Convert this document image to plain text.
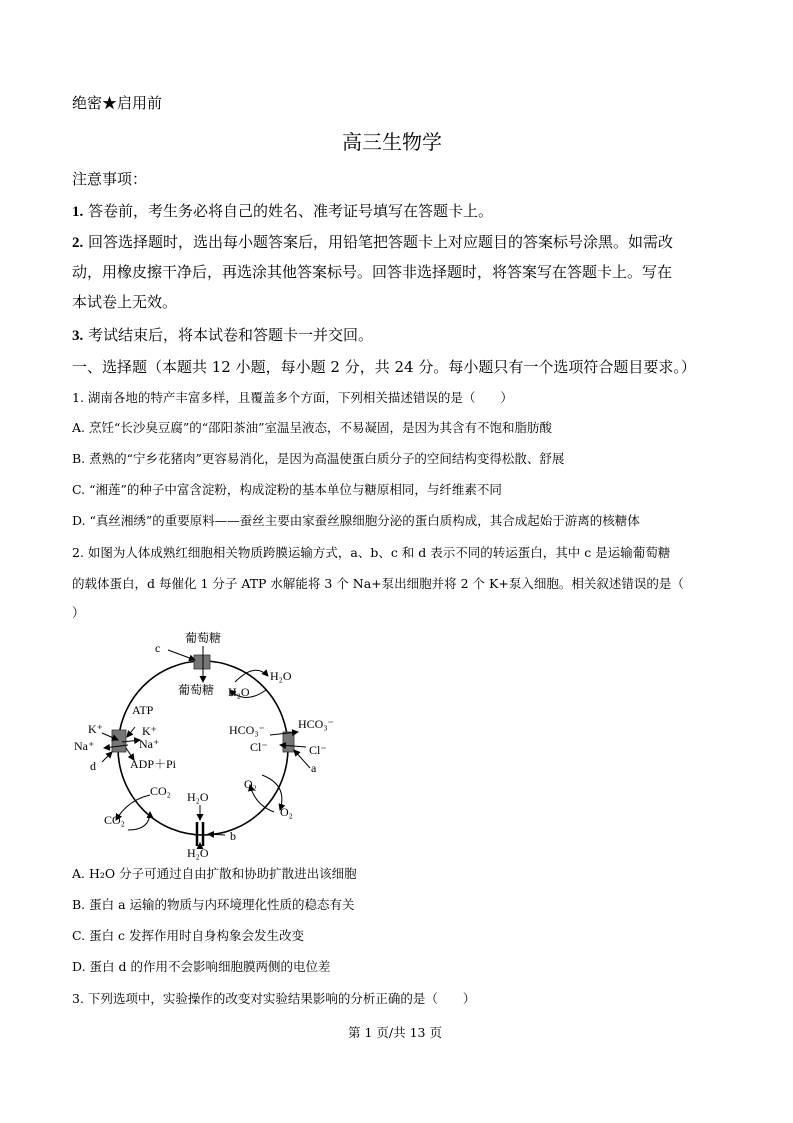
绝密★启用前
高三生物学
注意事项：
1. 答卷前，考生务必将自己的姓名、准考证号填写在答题卡上。
2. 回答选择题时，选出每小题答案后，用铅笔把答题卡上对应题目的答案标号涂黑。如需改
动，用橡皮擦干净后，再选涂其他答案标号。回答非选择题时，将答案写在答题卡上。写在
本试卷上无效。
3. 考试结束后，将本试卷和答题卡一并交回。
一、选择题（本题共 12 小题，每小题 2 分，共 24 分。每小题只有一个选项符合题目要求。）
1. 湖南各地的特产丰富多样，且覆盖多个方面，下列相关描述错误的是（　　）
A. 烹饪“长沙臭豆腐”的“邵阳茶油”室温呈液态，不易凝固，是因为其含有不饱和脂肪酸
B. 煮熟的“宁乡花猪肉”更容易消化，是因为高温使蛋白质分子的空间结构变得松散、舒展
C. “湘莲”的种子中富含淀粉，构成淀粉的基本单位与糖原相同，与纤维素不同
D. “真丝湘绣”的重要原料——蚕丝主要由家蚕丝腺细胞分泌的蛋白质构成，其合成起始于游离的核糖体
2. 如图为人体成熟红细胞相关物质跨膜运输方式，a、b、c 和 d 表示不同的转运蛋白，其中 c 是运输葡萄糖
的载体蛋白，d 每催化 1 分子 ATP 水解能将 3 个 Na+泵出细胞并将 2 个 K+泵入细胞。相关叙述错误的是（
）
葡萄糖
葡萄糖
c
H₂O
H₂O
ATP
K⁺
Na⁺
K⁺
Na⁺
d	ADP＋Pi
HCO₃⁻
Cl⁻
HCO₃⁻
Cl⁻
a
CO₂
CO₂
O₂
O₂
H₂O
H₂O
b
A. H₂O 分子可通过自由扩散和协助扩散进出该细胞
B. 蛋白 a 运输的物质与内环境理化性质的稳态有关
C. 蛋白 c 发挥作用时自身构象会发生改变
D. 蛋白 d 的作用不会影响细胞膜两侧的电位差
3. 下列选项中，实验操作的改变对实验结果影响的分析正确的是（　　）
第 1 页/共 13 页
